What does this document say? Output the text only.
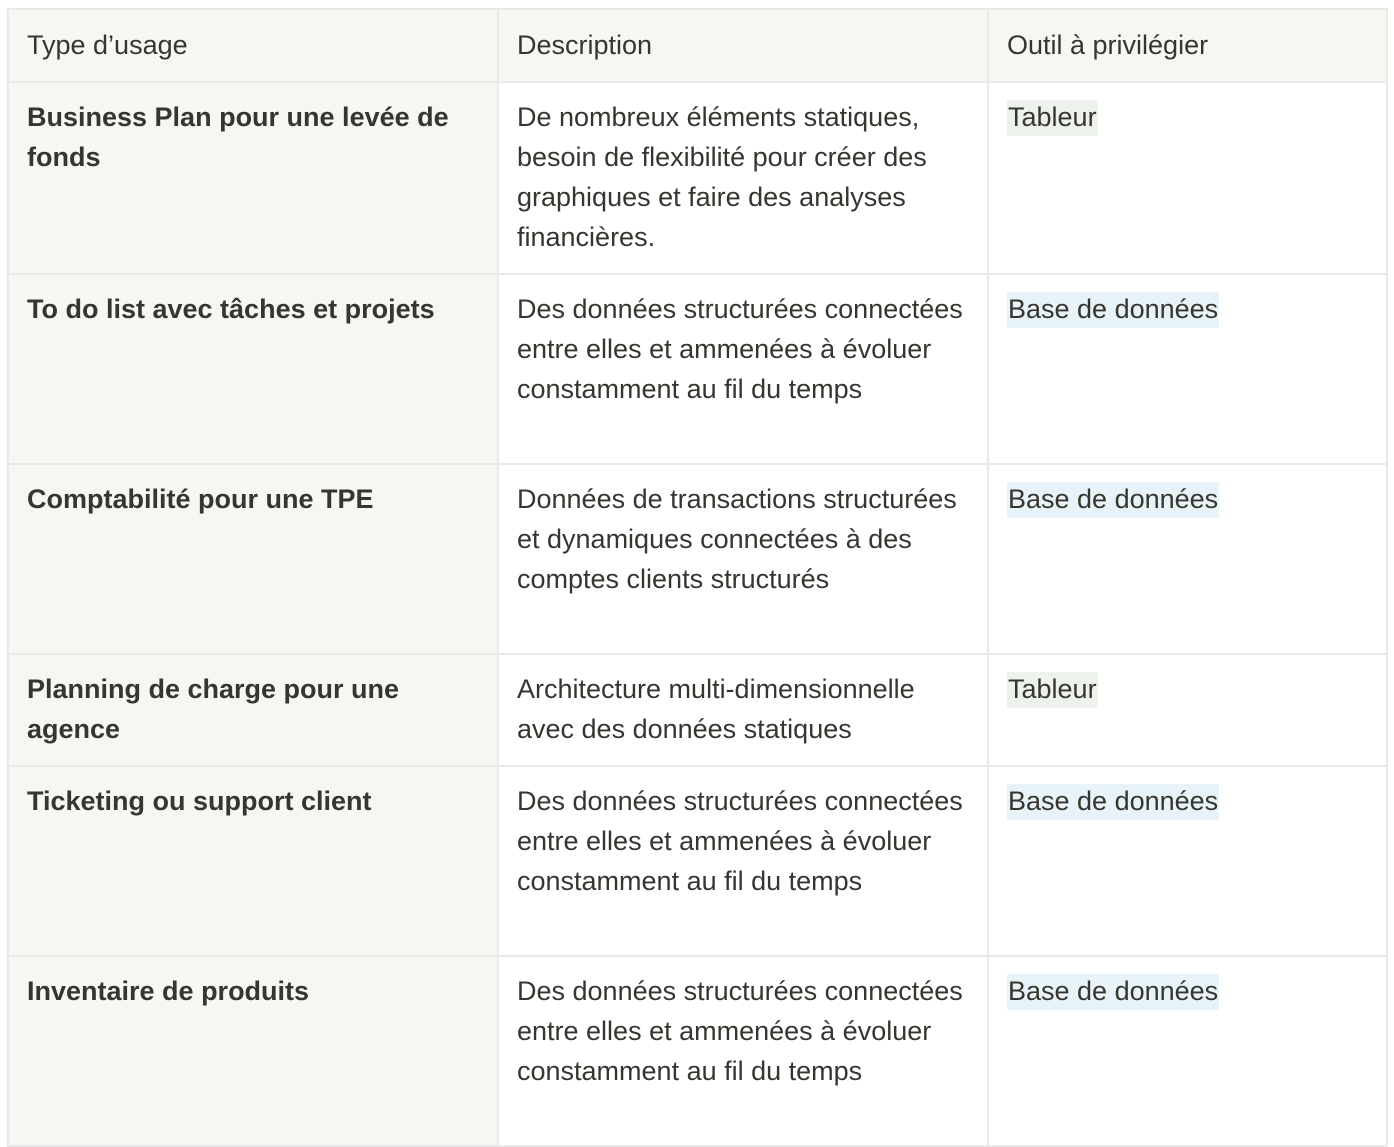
Type d’usage	Description	Outil à privilégier
Business Plan pour une levée de fonds	De nombreux éléments statiques, besoin de flexibilité pour créer des graphiques et faire des analyses financières.	Tableur
To do list avec tâches et projets	Des données structurées connectées entre elles et ammenées à évoluer constamment au fil du temps	Base de données
Comptabilité pour une TPE	Données de transactions structurées et dynamiques connectées à des comptes clients structurés	Base de données
Planning de charge pour une agence	Architecture multi-dimensionnelle avec des données statiques	Tableur
Ticketing ou support client	Des données structurées connectées entre elles et ammenées à évoluer constamment au fil du temps	Base de données
Inventaire de produits	Des données structurées connectées entre elles et ammenées à évoluer constamment au fil du temps	Base de données
